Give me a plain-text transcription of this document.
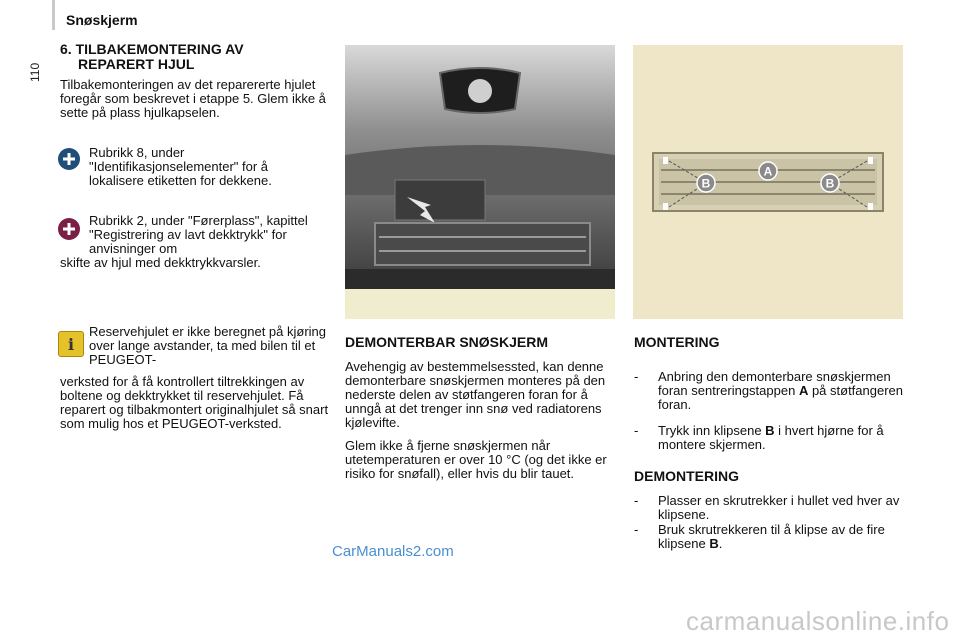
Snøskjerm
110
6. TILBAKEMONTERING AV
REPARERT HJUL
Tilbakemonteringen av det reparererte hjulet foregår som beskrevet i etappe 5. Glem ikke å sette på plass hjulkapselen.
Rubrikk 8, under "Identifikasjonselementer" for å lokalisere etiketten for dekkene.
Rubrikk 2, under "Førerplass", kapittel "Registrering av lavt dekktrykk" for anvisninger om
skifte av hjul med dekktrykkvarsler.
i
Reservehjulet er ikke beregnet på kjøring over lange avstander, ta med bilen til et PEUGEOT-
verksted for å få kontrollert tiltrekkingen av boltene og dekktrykket til reservehjulet. Få reparert og tilbakmontert originalhjulet så snart som mulig hos et PEUGEOT-verksted.
A
B	B
DEMONTERBAR SNØSKJERM
Avehengig av bestemmelsessted, kan denne demonterbare snøskjermen monteres på den nederste delen av støtfangeren foran for å unngå at det trenger inn snø ved radiatorens kjølevifte.
Glem ikke å fjerne snøskjermen når utetemperaturen er over 10 °C (og det ikke er risiko for snøfall), eller hvis du blir tauet.
MONTERING
-	Anbring den demonterbare snøskjermen foran sentreringstappen A på støtfangeren foran.
-	Trykk inn klipsene B i hvert hjørne for å montere skjermen.
DEMONTERING
-	Plasser en skrutrekker i hullet ved hver av klipsene.
-	Bruk skrutrekkeren til å klipse av de fire klipsene B.
CarManuals2.com
carmanualsonline.info
